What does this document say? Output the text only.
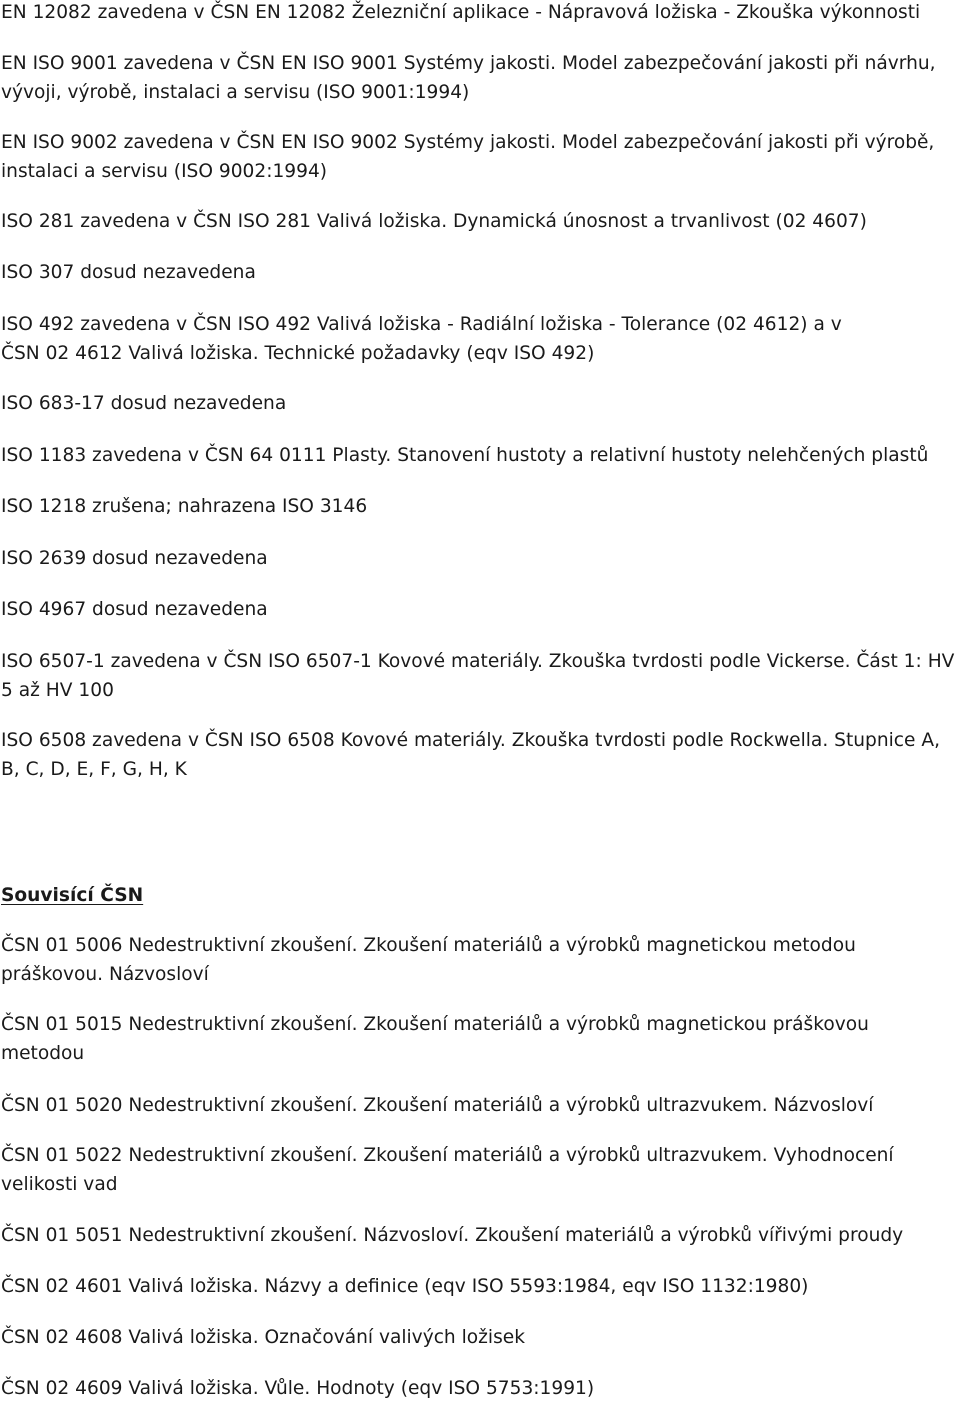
EN 12082 zavedena v ČSN EN 12082 Železniční aplikace - Nápravová ložiska - Zkouška výkonnosti

EN ISO 9001 zavedena v ČSN EN ISO 9001 Systémy jakosti. Model zabezpečování jakosti při návrhu, vývoji, výrobě, instalaci a servisu (ISO 9001:1994)

EN ISO 9002 zavedena v ČSN EN ISO 9002 Systémy jakosti. Model zabezpečování jakosti při výrobě, instalaci a servisu (ISO 9002:1994)

ISO 281 zavedena v ČSN ISO 281 Valivá ložiska. Dynamická únosnost a trvanlivost (02 4607)

ISO 307 dosud nezavedena

ISO 492 zavedena v ČSN ISO 492 Valivá ložiska - Radiální ložiska - Tolerance (02 4612) a v ČSN 02 4612 Valivá ložiska. Technické požadavky (eqv ISO 492)

ISO 683-17 dosud nezavedena

ISO 1183 zavedena v ČSN 64 0111 Plasty. Stanovení hustoty a relativní hustoty nelehčených plastů

ISO 1218 zrušena; nahrazena ISO 3146

ISO 2639 dosud nezavedena

ISO 4967 dosud nezavedena

ISO 6507-1 zavedena v ČSN ISO 6507-1 Kovové materiály. Zkouška tvrdosti podle Vickerse. Část 1: HV 5 až HV 100

ISO 6508 zavedena v ČSN ISO 6508 Kovové materiály. Zkouška tvrdosti podle Rockwella. Stupnice A, B, C, D, E, F, G, H, K

Souvisící ČSN

ČSN 01 5006 Nedestruktivní zkoušení. Zkoušení materiálů a výrobků magnetickou metodou práškovou. Názvosloví

ČSN 01 5015 Nedestruktivní zkoušení. Zkoušení materiálů a výrobků magnetickou práškovou metodou

ČSN 01 5020 Nedestruktivní zkoušení. Zkoušení materiálů a výrobků ultrazvukem. Názvosloví

ČSN 01 5022 Nedestruktivní zkoušení. Zkoušení materiálů a výrobků ultrazvukem. Vyhodnocení velikosti vad

ČSN 01 5051 Nedestruktivní zkoušení. Názvosloví. Zkoušení materiálů a výrobků vířivými proudy

ČSN 02 4601 Valivá ložiska. Názvy a definice (eqv ISO 5593:1984, eqv ISO 1132:1980)

ČSN 02 4608 Valivá ložiska. Označování valivých ložisek

ČSN 02 4609 Valivá ložiska. Vůle. Hodnoty (eqv ISO 5753:1991)
